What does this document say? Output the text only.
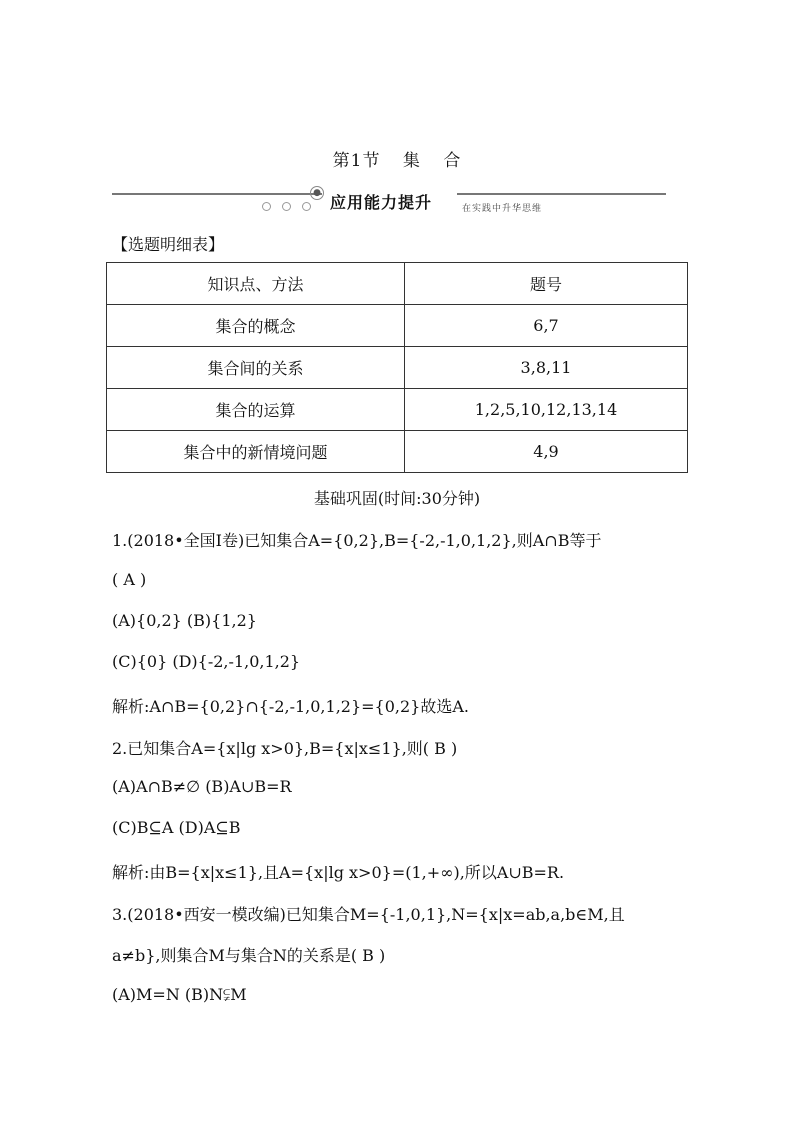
第1节 集 合
● 应用能力提升	在实践中升华思维
【选题明细表】
知识点、方法	题号
集合的概念	6,7
集合间的关系	3,8,11
集合的运算	1,2,5,10,12,13,14
集合中的新情境问题	4,9
基础巩固(时间:30分钟)
1.(2018•全国Ⅰ卷)已知集合A={0,2},B={-2,-1,0,1,2},则A∩B等于
( A )
(A){0,2} (B){1,2}
(C){0} (D){-2,-1,0,1,2}
解析:A∩B={0,2}∩{-2,-1,0,1,2}={0,2}故选A.
2.已知集合A={x|lg x>0},B={x|x≤1},则( B )
(A)A∩B≠∅ (B)A∪B=R
(C)B⊆A (D)A⊆B
解析:由B={x|x≤1},且A={x|lg x>0}=(1,+∞),所以A∪B=R.
3.(2018•西安一模改编)已知集合M={-1,0,1},N={x|x=ab,a,b∈M,且
a≠b},则集合M与集合N的关系是( B )
(A)M=N (B)N⫋M
